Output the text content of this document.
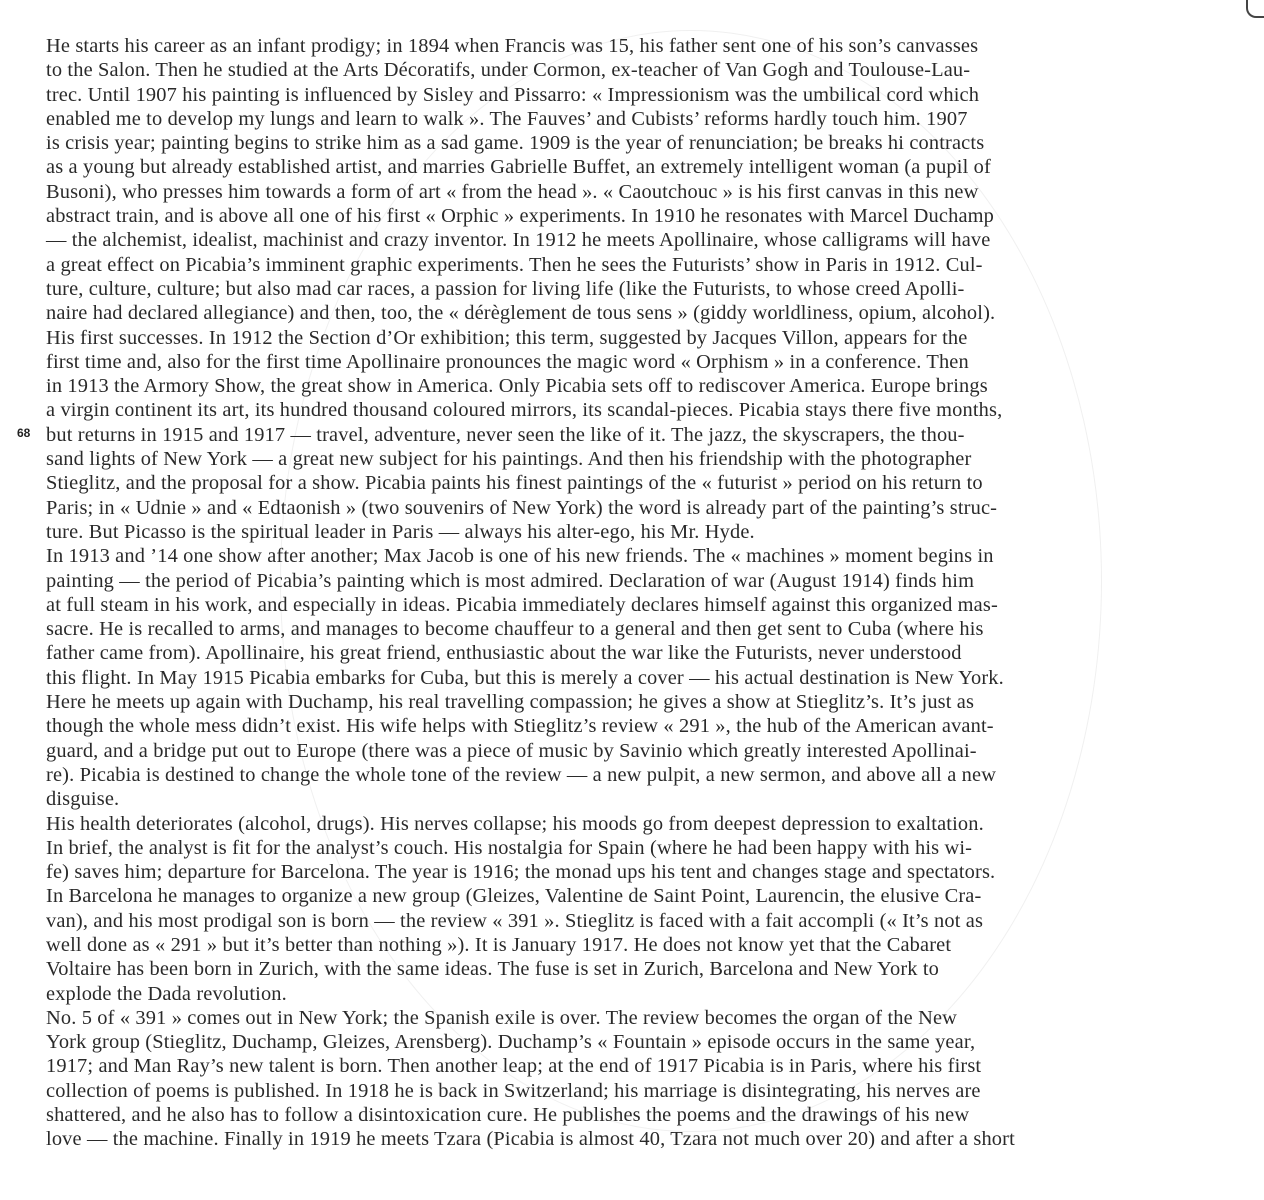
68

He starts his career as an infant prodigy; in 1894 when Francis was 15, his father sent one of his son’s canvasses
to the Salon. Then he studied at the Arts Décoratifs, under Cormon, ex-teacher of Van Gogh and Toulouse-Lau-
trec. Until 1907 his painting is influenced by Sisley and Pissarro: « Impressionism was the umbilical cord which
enabled me to develop my lungs and learn to walk ». The Fauves’ and Cubists’ reforms hardly touch him. 1907
is crisis year; painting begins to strike him as a sad game. 1909 is the year of renunciation; be breaks hi contracts
as a young but already established artist, and marries Gabrielle Buffet, an extremely intelligent woman (a pupil of
Busoni), who presses him towards a form of art « from the head ». « Caoutchouc » is his first canvas in this new
abstract train, and is above all one of his first « Orphic » experiments. In 1910 he resonates with Marcel Duchamp
— the alchemist, idealist, machinist and crazy inventor. In 1912 he meets Apollinaire, whose calligrams will have
a great effect on Picabia’s imminent graphic experiments. Then he sees the Futurists’ show in Paris in 1912. Cul-
ture, culture, culture; but also mad car races, a passion for living life (like the Futurists, to whose creed Apolli-
naire had declared allegiance) and then, too, the « dérèglement de tous sens » (giddy worldliness, opium, alcohol).
His first successes. In 1912 the Section d’Or exhibition; this term, suggested by Jacques Villon, appears for the
first time and, also for the first time Apollinaire pronounces the magic word « Orphism » in a conference. Then
in 1913 the Armory Show, the great show in America. Only Picabia sets off to rediscover America. Europe brings
a virgin continent its art, its hundred thousand coloured mirrors, its scandal-pieces. Picabia stays there five months,
but returns in 1915 and 1917 — travel, adventure, never seen the like of it. The jazz, the skyscrapers, the thou-
sand lights of New York — a great new subject for his paintings. And then his friendship with the photographer
Stieglitz, and the proposal for a show. Picabia paints his finest paintings of the « futurist » period on his return to
Paris; in « Udnie » and « Edtaonish » (two souvenirs of New York) the word is already part of the painting’s struc-
ture. But Picasso is the spiritual leader in Paris — always his alter-ego, his Mr. Hyde.

In 1913 and ’14 one show after another; Max Jacob is one of his new friends. The « machines » moment begins in
painting — the period of Picabia’s painting which is most admired. Declaration of war (August 1914) finds him
at full steam in his work, and especially in ideas. Picabia immediately declares himself against this organized mas-
sacre. He is recalled to arms, and manages to become chauffeur to a general and then get sent to Cuba (where his
father came from). Apollinaire, his great friend, enthusiastic about the war like the Futurists, never understood
this flight. In May 1915 Picabia embarks for Cuba, but this is merely a cover — his actual destination is New York.
Here he meets up again with Duchamp, his real travelling compassion; he gives a show at Stieglitz’s. It’s just as
though the whole mess didn’t exist. His wife helps with Stieglitz’s review « 291 », the hub of the American avant-
guard, and a bridge put out to Europe (there was a piece of music by Savinio which greatly interested Apollinai-
re). Picabia is destined to change the whole tone of the review — a new pulpit, a new sermon, and above all a new
disguise.

His health deteriorates (alcohol, drugs). His nerves collapse; his moods go from deepest depression to exaltation.
In brief, the analyst is fit for the analyst’s couch. His nostalgia for Spain (where he had been happy with his wi-
fe) saves him; departure for Barcelona. The year is 1916; the monad ups his tent and changes stage and spectators.
In Barcelona he manages to organize a new group (Gleizes, Valentine de Saint Point, Laurencin, the elusive Cra-
van), and his most prodigal son is born — the review « 391 ». Stieglitz is faced with a fait accompli (« It’s not as
well done as « 291 » but it’s better than nothing »). It is January 1917. He does not know yet that the Cabaret
Voltaire has been born in Zurich, with the same ideas. The fuse is set in Zurich, Barcelona and New York to
explode the Dada revolution.

No. 5 of « 391 » comes out in New York; the Spanish exile is over. The review becomes the organ of the New
York group (Stieglitz, Duchamp, Gleizes, Arensberg). Duchamp’s « Fountain » episode occurs in the same year,
1917; and Man Ray’s new talent is born. Then another leap; at the end of 1917 Picabia is in Paris, where his first
collection of poems is published. In 1918 he is back in Switzerland; his marriage is disintegrating, his nerves are
shattered, and he also has to follow a disintoxication cure. He publishes the poems and the drawings of his new
love — the machine. Finally in 1919 he meets Tzara (Picabia is almost 40, Tzara not much over 20) and after a short
